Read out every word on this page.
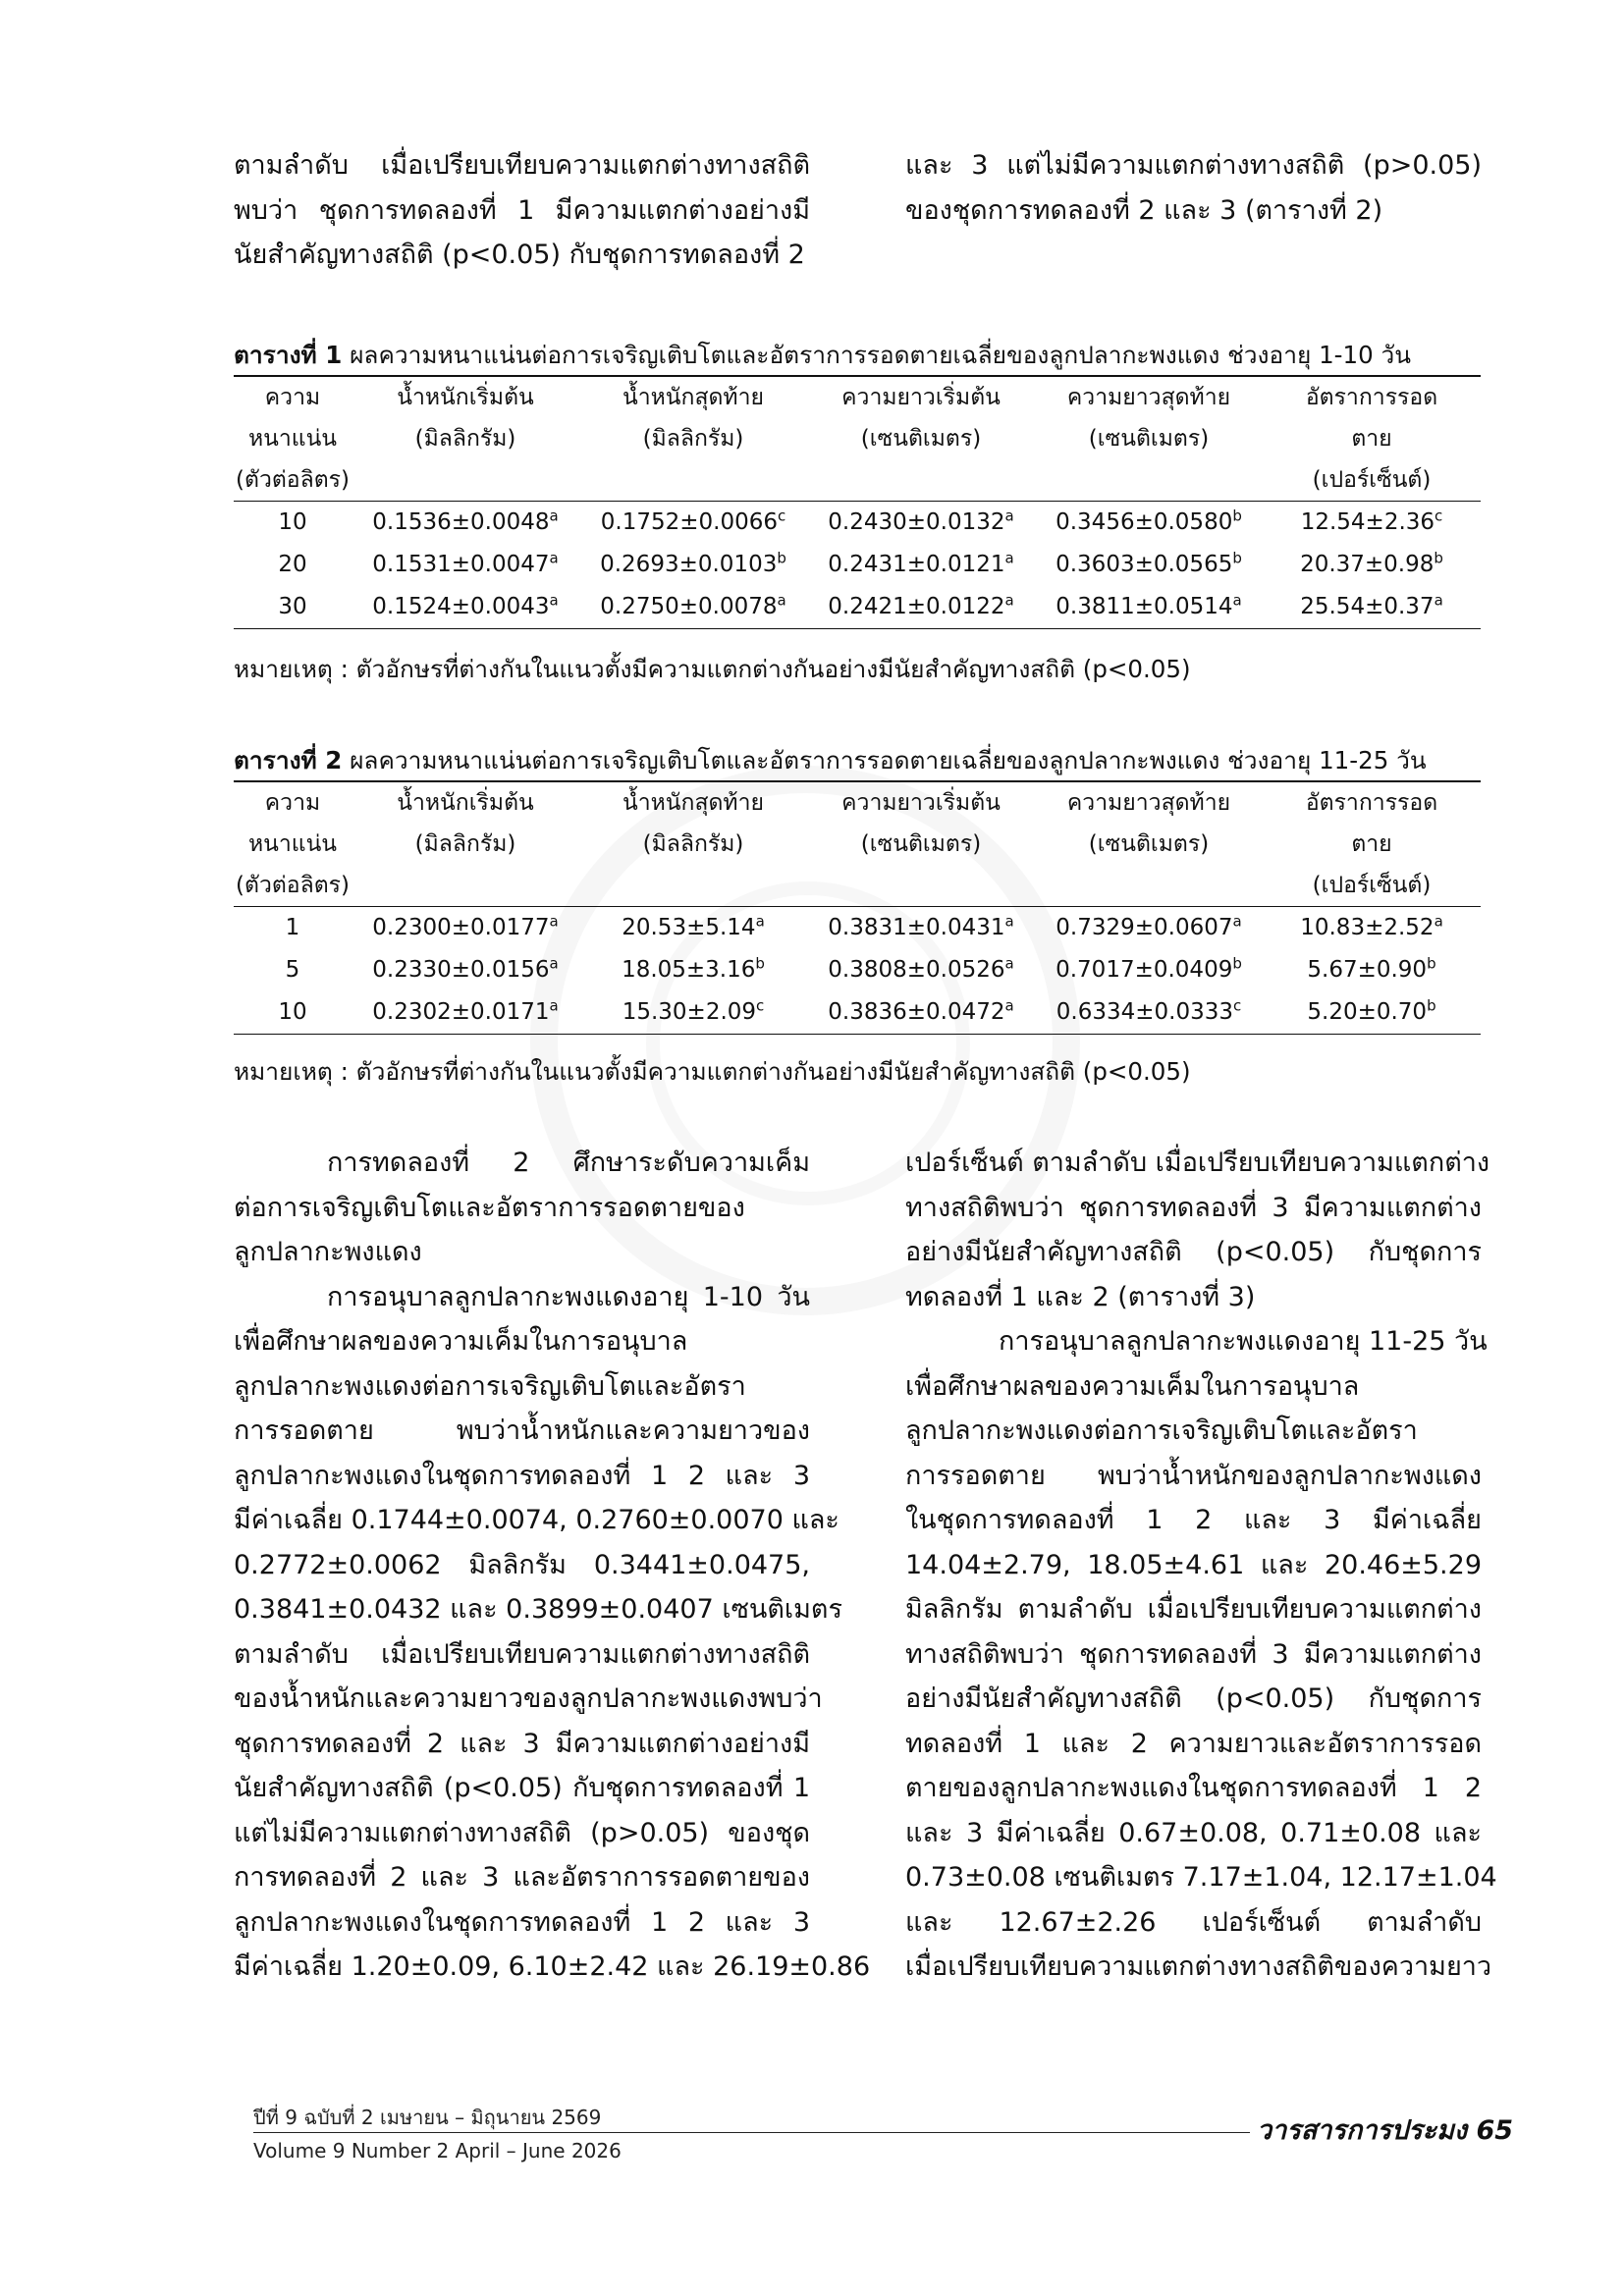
ตามลำดับ เมื่อเปรียบเทียบความแตกต่างทางสถิติ
พบว่า ชุดการทดลองที่ 1 มีความแตกต่างอย่างมี
นัยสำคัญทางสถิติ (p<0.05) กับชุดการทดลองที่ 2
และ 3 แต่ไม่มีความแตกต่างทางสถิติ (p>0.05)
ของชุดการทดลองที่ 2 และ 3 (ตารางที่ 2)
ตารางที่ 1 ผลความหนาแน่นต่อการเจริญเติบโตและอัตราการรอดตายเฉลี่ยของลูกปลากะพงแดง ช่วงอายุ 1-10 วัน
ความ	น้ำหนักเริ่มต้น	น้ำหนักสุดท้าย	ความยาวเริ่มต้น	ความยาวสุดท้าย	อัตราการรอด
หนาแน่น	(มิลลิกรัม)	(มิลลิกรัม)	(เซนติเมตร)	(เซนติเมตร)	ตาย
(ตัวต่อลิตร)					(เปอร์เซ็นต์)
10	0.1536±0.0048$^a$	0.1752±0.0066$^c$	0.2430±0.0132$^a$	0.3456±0.0580$^b$	12.54±2.36$^c$
20	0.1531±0.0047$^a$	0.2693±0.0103$^b$	0.2431±0.0121$^a$	0.3603±0.0565$^b$	20.37±0.98$^b$
30	0.1524±0.0043$^a$	0.2750±0.0078$^a$	0.2421±0.0122$^a$	0.3811±0.0514$^a$	25.54±0.37$^a$
หมายเหตุ : ตัวอักษรที่ต่างกันในแนวตั้งมีความแตกต่างกันอย่างมีนัยสำคัญทางสถิติ (p<0.05)
ตารางที่ 2 ผลความหนาแน่นต่อการเจริญเติบโตและอัตราการรอดตายเฉลี่ยของลูกปลากะพงแดง ช่วงอายุ 11-25 วัน
ความ	น้ำหนักเริ่มต้น	น้ำหนักสุดท้าย	ความยาวเริ่มต้น	ความยาวสุดท้าย	อัตราการรอด
หนาแน่น	(มิลลิกรัม)	(มิลลิกรัม)	(เซนติเมตร)	(เซนติเมตร)	ตาย
(ตัวต่อลิตร)					(เปอร์เซ็นต์)
1	0.2300±0.0177$^a$	20.53±5.14$^a$	0.3831±0.0431$^a$	0.7329±0.0607$^a$	10.83±2.52$^a$
5	0.2330±0.0156$^a$	18.05±3.16$^b$	0.3808±0.0526$^a$	0.7017±0.0409$^b$	5.67±0.90$^b$
10	0.2302±0.0171$^a$	15.30±2.09$^c$	0.3836±0.0472$^a$	0.6334±0.0333$^c$	5.20±0.70$^b$
หมายเหตุ : ตัวอักษรที่ต่างกันในแนวตั้งมีความแตกต่างกันอย่างมีนัยสำคัญทางสถิติ (p<0.05)
การทดลองที่ 2 ศึกษาระดับความเค็ม
ต่อการเจริญเติบโตและอัตราการรอดตายของ
ลูกปลากะพงแดง
การอนุบาลลูกปลากะพงแดงอายุ 1-10 วัน
เพื่อศึกษาผลของความเค็มในการอนุบาล
ลูกปลากะพงแดงต่อการเจริญเติบโตและอัตรา
การรอดตาย พบว่าน้ำหนักและความยาวของ
ลูกปลากะพงแดงในชุดการทดลองที่ 1 2 และ 3
มีค่าเฉลี่ย 0.1744±0.0074, 0.2760±0.0070 และ
0.2772±0.0062 มิลลิกรัม 0.3441±0.0475,
0.3841±0.0432 และ 0.3899±0.0407 เซนติเมตร
ตามลำดับ เมื่อเปรียบเทียบความแตกต่างทางสถิติ
ของน้ำหนักและความยาวของลูกปลากะพงแดงพบว่า
ชุดการทดลองที่ 2 และ 3 มีความแตกต่างอย่างมี
นัยสำคัญทางสถิติ (p<0.05) กับชุดการทดลองที่ 1
แต่ไม่มีความแตกต่างทางสถิติ (p>0.05) ของชุด
การทดลองที่ 2 และ 3 และอัตราการรอดตายของ
ลูกปลากะพงแดงในชุดการทดลองที่ 1 2 และ 3
มีค่าเฉลี่ย 1.20±0.09, 6.10±2.42 และ 26.19±0.86
เปอร์เซ็นต์ ตามลำดับ เมื่อเปรียบเทียบความแตกต่าง
ทางสถิติพบว่า ชุดการทดลองที่ 3 มีความแตกต่าง
อย่างมีนัยสำคัญทางสถิติ (p<0.05) กับชุดการ
ทดลองที่ 1 และ 2 (ตารางที่ 3)
การอนุบาลลูกปลากะพงแดงอายุ 11-25 วัน
เพื่อศึกษาผลของความเค็มในการอนุบาล
ลูกปลากะพงแดงต่อการเจริญเติบโตและอัตรา
การรอดตาย พบว่าน้ำหนักของลูกปลากะพงแดง
ในชุดการทดลองที่ 1 2 และ 3 มีค่าเฉลี่ย
14.04±2.79, 18.05±4.61 และ 20.46±5.29
มิลลิกรัม ตามลำดับ เมื่อเปรียบเทียบความแตกต่าง
ทางสถิติพบว่า ชุดการทดลองที่ 3 มีความแตกต่าง
อย่างมีนัยสำคัญทางสถิติ (p<0.05) กับชุดการ
ทดลองที่ 1 และ 2 ความยาวและอัตราการรอด
ตายของลูกปลากะพงแดงในชุดการทดลองที่ 1 2
และ 3 มีค่าเฉลี่ย 0.67±0.08, 0.71±0.08 และ
0.73±0.08 เซนติเมตร 7.17±1.04, 12.17±1.04
และ 12.67±2.26 เปอร์เซ็นต์ ตามลำดับ
เมื่อเปรียบเทียบความแตกต่างทางสถิติของความยาว
ปีที่ 9 ฉบับที่ 2 เมษายน – มิถุนายน 2569
Volume 9 Number 2 April – June 2026
วารสารการประมง 65
